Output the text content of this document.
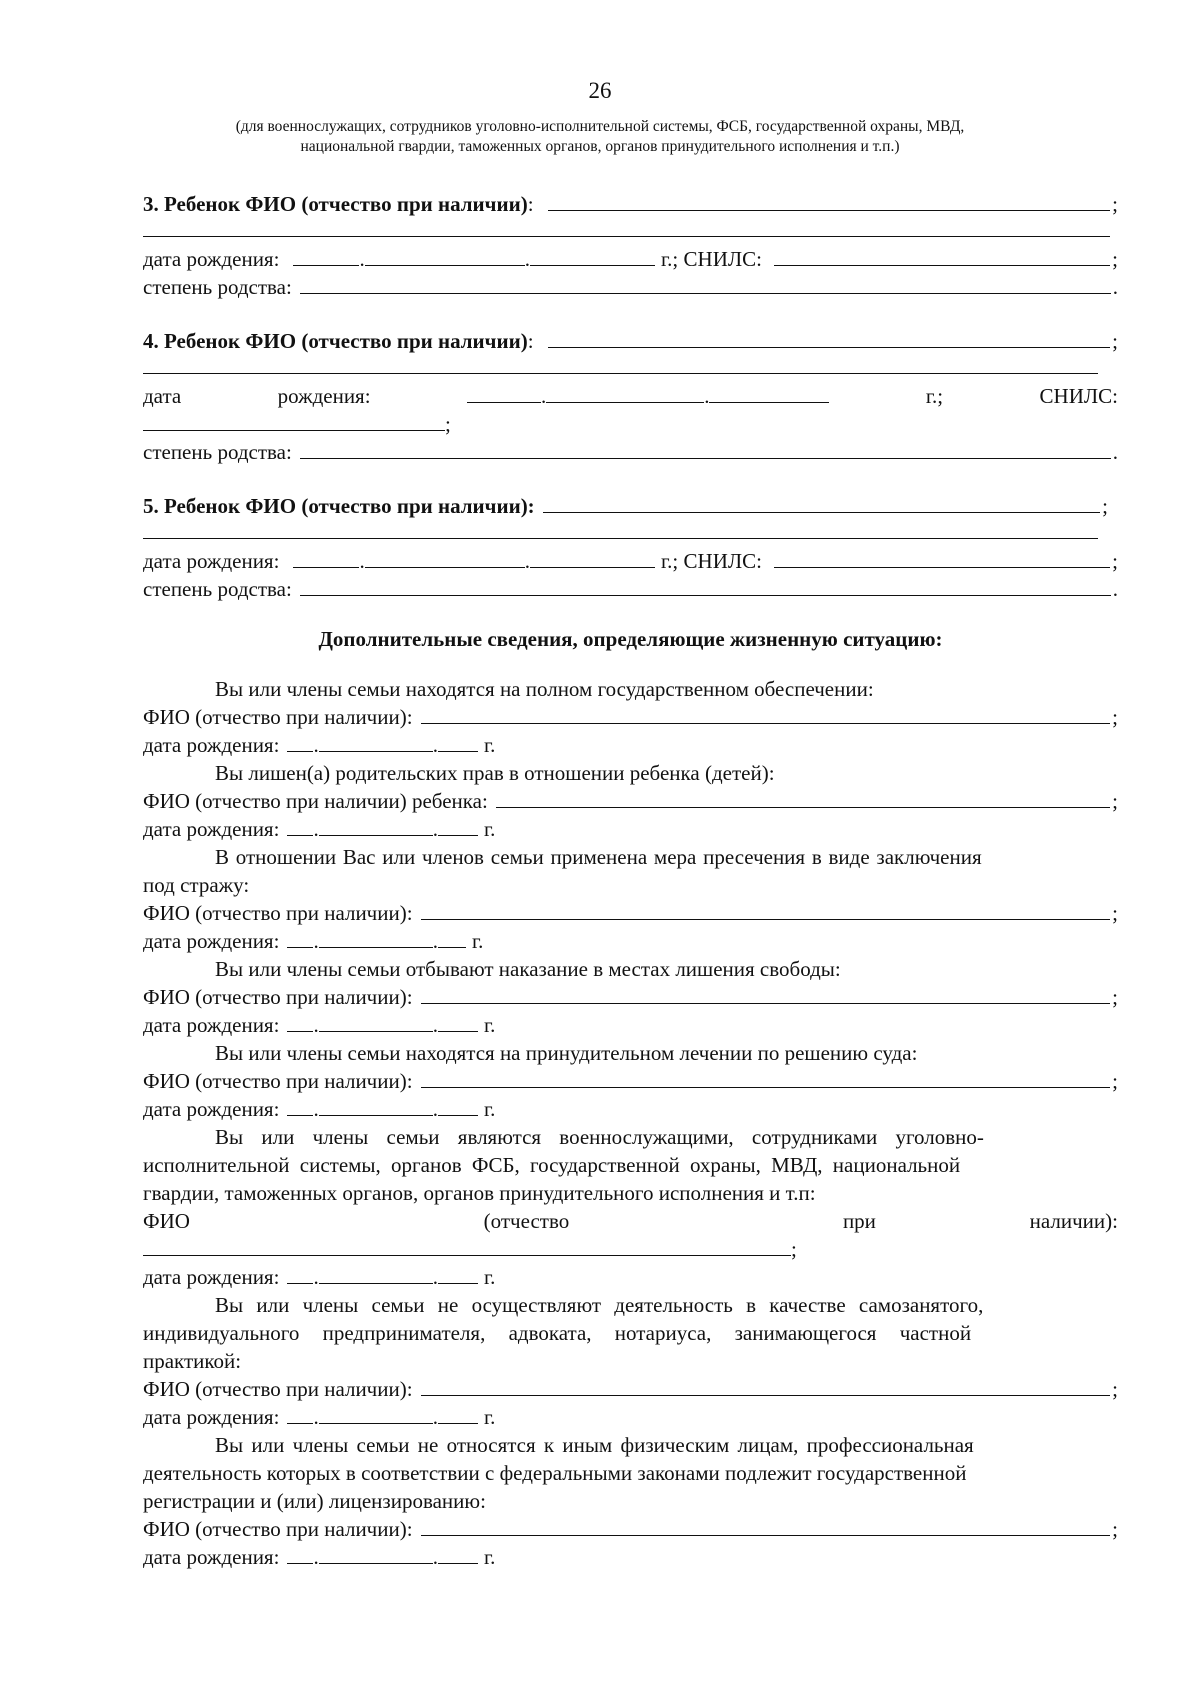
26
(для военнослужащих, сотрудников уголовно-исполнительной системы, ФСБ, государственной охраны, МВД,
национальной гвардии, таможенных органов, органов принудительного исполнения и т.п.)
3. Ребенок ФИО (отчество при наличии) :	;
дата рождения:	.	.	г.; СНИЛС:	;
степень родства:	.
4. Ребенок ФИО (отчество при наличии) :	;
дата	рождения:	.	.	г.;	СНИЛС:
;
степень родства:	.
5. Ребенок ФИО (отчество при наличии):	;
дата рождения:	.	.	г.; СНИЛС:	;
степень родства:	.
Дополнительные сведения, определяющие жизненную ситуацию:
Вы или члены семьи находятся на полном государственном обеспечении:
ФИО (отчество при наличии):	;
дата рождения: .	. г.
Вы лишен(а) родительских прав в отношении ребенка (детей):
ФИО (отчество при наличии) ребенка:	;
дата рождения: .	. г.
В отношении Вас или членов семьи применена мера пресечения в виде заключения
под стражу:
ФИО (отчество при наличии):	;
дата рождения: .	. г.
Вы или члены семьи отбывают наказание в местах лишения свободы:
ФИО (отчество при наличии):	;
дата рождения: .	. г.
Вы или члены семьи находятся на принудительном лечении по решению суда:
ФИО (отчество при наличии):	;
дата рождения: .	. г.
Вы или члены семьи являются военнослужащими, сотрудниками уголовно-
исполнительной системы, органов ФСБ, государственной охраны, МВД, национальной
гвардии, таможенных органов, органов принудительного исполнения и т.п:
ФИО	(отчество	при	наличии):
;
дата рождения: .	. г.
Вы или члены семьи не осуществляют деятельность в качестве самозанятого,
индивидуального предпринимателя, адвоката, нотариуса, занимающегося частной
практикой:
ФИО (отчество при наличии):	;
дата рождения: .	. г.
Вы или члены семьи не относятся к иным физическим лицам, профессиональная
деятельность которых в соответствии с федеральными законами подлежит государственной
регистрации и (или) лицензированию:
ФИО (отчество при наличии):	;
дата рождения: .	. г.
